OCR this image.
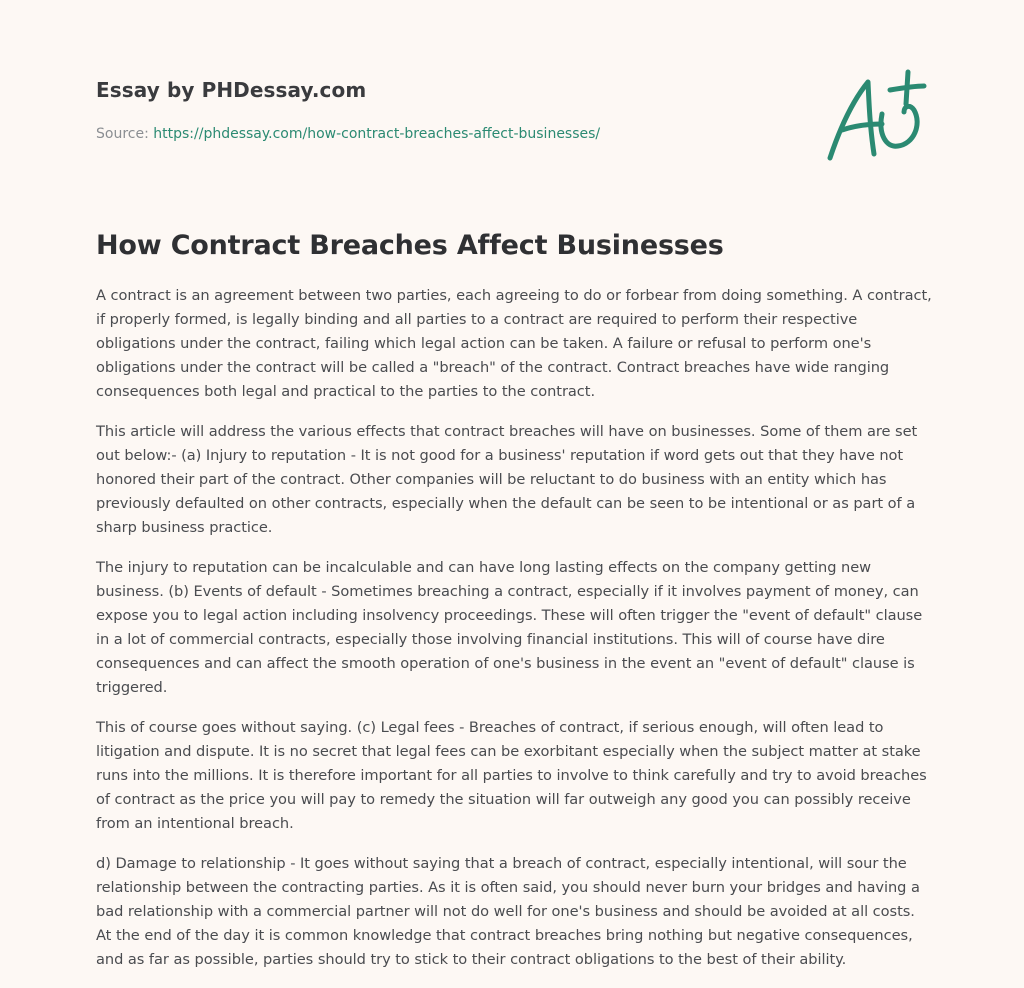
Essay by PHDessay.com
Source: https://phdessay.com/how-contract-breaches-affect-businesses/
How Contract Breaches Affect Businesses

A contract is an agreement between two parties, each agreeing to do or forbear from doing something. A contract, if properly formed, is legally binding and all parties to a contract are required to perform their respective obligations under the contract, failing which legal action can be taken. A failure or refusal to perform one's obligations under the contract will be called a "breach" of the contract. Contract breaches have wide ranging consequences both legal and practical to the parties to the contract.

This article will address the various effects that contract breaches will have on businesses. Some of them are set out below:- (a) Injury to reputation - It is not good for a business' reputation if word gets out that they have not honored their part of the contract. Other companies will be reluctant to do business with an entity which has previously defaulted on other contracts, especially when the default can be seen to be intentional or as part of a sharp business practice.

The injury to reputation can be incalculable and can have long lasting effects on the company getting new business. (b) Events of default - Sometimes breaching a contract, especially if it involves payment of money, can expose you to legal action including insolvency proceedings. These will often trigger the "event of default" clause in a lot of commercial contracts, especially those involving financial institutions. This will of course have dire consequences and can affect the smooth operation of one's business in the event an "event of default" clause is triggered.

This of course goes without saying. (c) Legal fees - Breaches of contract, if serious enough, will often lead to litigation and dispute. It is no secret that legal fees can be exorbitant especially when the subject matter at stake runs into the millions. It is therefore important for all parties to involve to think carefully and try to avoid breaches of contract as the price you will pay to remedy the situation will far outweigh any good you can possibly receive from an intentional breach.

d) Damage to relationship - It goes without saying that a breach of contract, especially intentional, will sour the relationship between the contracting parties. As it is often said, you should never burn your bridges and having a bad relationship with a commercial partner will not do well for one's business and should be avoided at all costs. At the end of the day it is common knowledge that contract breaches bring nothing but negative consequences, and as far as possible, parties should try to stick to their contract obligations to the best of their ability.
